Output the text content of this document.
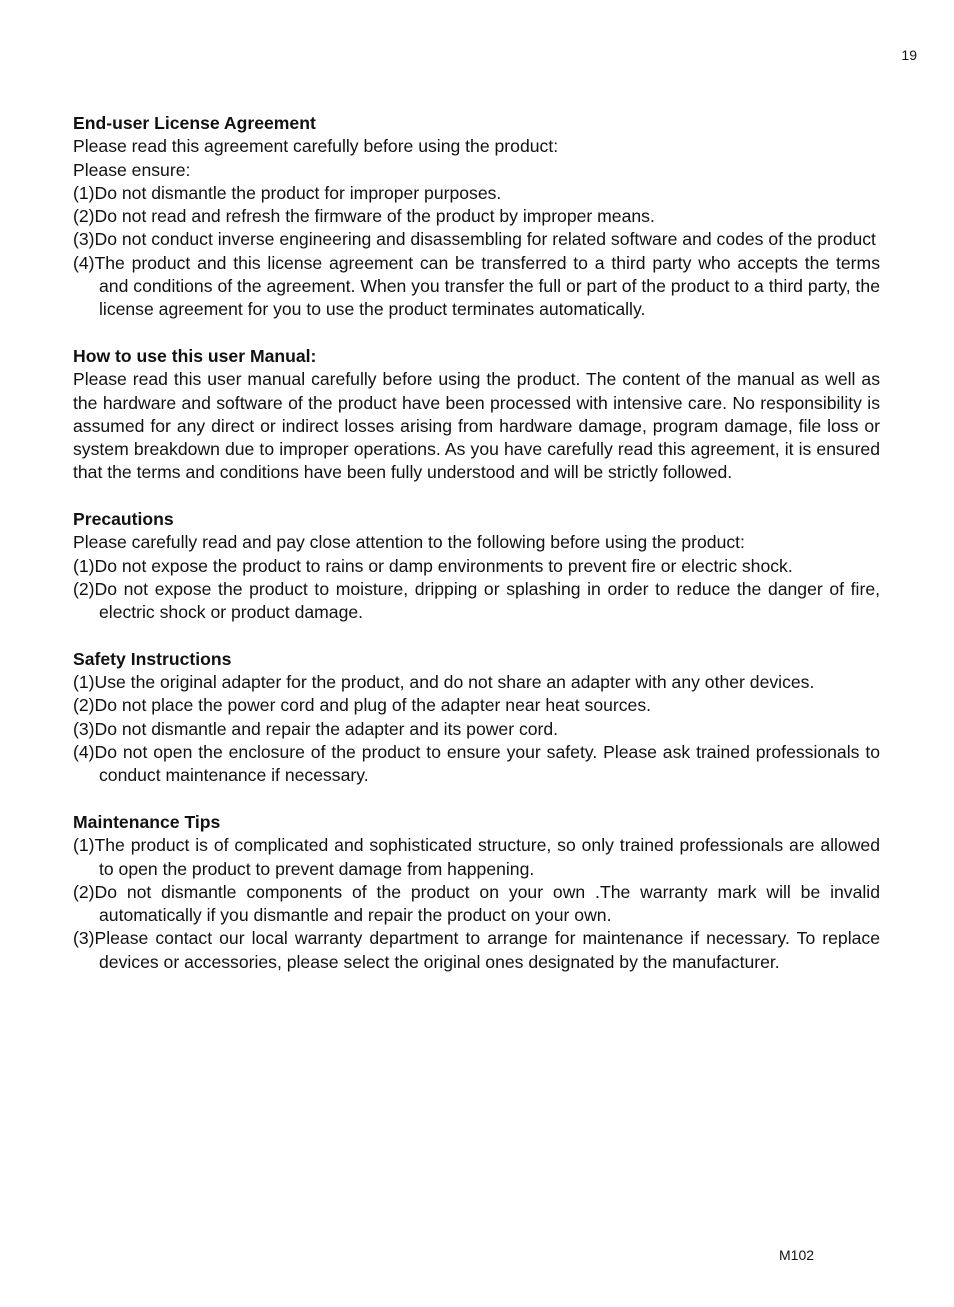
19

End-user License Agreement

Please read this agreement carefully before using the product:

Please ensure:

(1)Do not dismantle the product for improper purposes.

(2)Do not read and refresh the firmware of the product by improper means.

(3)Do not conduct inverse engineering and disassembling for related software and codes of the product

(4)The product and this license agreement can be transferred to a third party who accepts the terms and conditions of the agreement. When you transfer the full or part of the product to a third party, the license agreement for you to use the product terminates automatically.

How to use this user Manual:

Please read this user manual carefully before using the product. The content of the manual as well as the hardware and software of the product have been processed with intensive care. No responsibility is assumed for any direct or indirect losses arising from hardware damage, program damage, file loss or system breakdown due to improper operations. As you have carefully read this agreement, it is ensured that the terms and conditions have been fully understood and will be strictly followed.

Precautions

Please carefully read and pay close attention to the following before using the product:

(1)Do not expose the product to rains or damp environments to prevent fire or electric shock.

(2)Do not expose the product to moisture, dripping or splashing in order to reduce the danger of fire, electric shock or product damage.

Safety Instructions

(1)Use the original adapter for the product, and do not share an adapter with any other devices.

(2)Do not place the power cord and plug of the adapter near heat sources.

(3)Do not dismantle and repair the adapter and its power cord.

(4)Do not open the enclosure of the product to ensure your safety. Please ask trained professionals to conduct maintenance if necessary.

Maintenance Tips

(1)The product is of complicated and sophisticated structure, so only trained professionals are allowed to open the product to prevent damage from happening.

(2)Do not dismantle components of the product on your own .The warranty mark will be invalid automatically if you dismantle and repair the product on your own.

(3)Please contact our local warranty department to arrange for maintenance if necessary. To replace devices or accessories, please select the original ones designated by the manufacturer.

M102
